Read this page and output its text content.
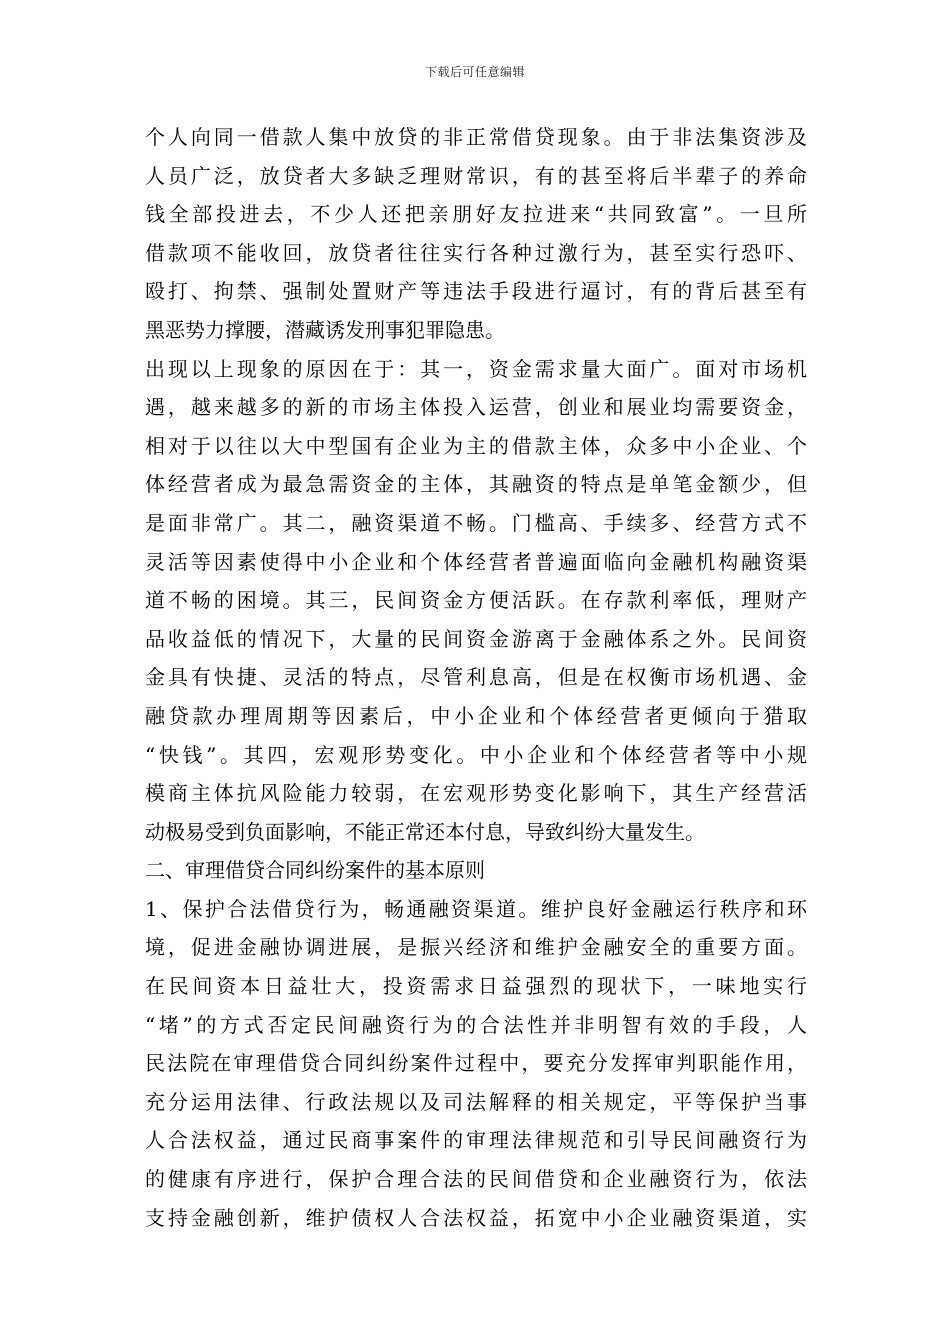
下载后可任意编辑
个人向同一借款人集中放贷的非正常借贷现象。由于非法集资涉及
人员广泛，放贷者大多缺乏理财常识，有的甚至将后半辈子的养命
钱全部投进去，不少人还把亲朋好友拉进来“共同致富”。一旦所
借款项不能收回，放贷者往往实行各种过激行为，甚至实行恐吓、
殴打、拘禁、强制处置财产等违法手段进行逼讨，有的背后甚至有
黑恶势力撑腰，潜藏诱发刑事犯罪隐患。
出现以上现象的原因在于：其一，资金需求量大面广。面对市场机
遇，越来越多的新的市场主体投入运营，创业和展业均需要资金，
相对于以往以大中型国有企业为主的借款主体，众多中小企业、个
体经营者成为最急需资金的主体，其融资的特点是单笔金额少，但
是面非常广。其二，融资渠道不畅。门槛高、手续多、经营方式不
灵活等因素使得中小企业和个体经营者普遍面临向金融机构融资渠
道不畅的困境。其三，民间资金方便活跃。在存款利率低，理财产
品收益低的情况下，大量的民间资金游离于金融体系之外。民间资
金具有快捷、灵活的特点，尽管利息高，但是在权衡市场机遇、金
融贷款办理周期等因素后，中小企业和个体经营者更倾向于猎取
“快钱”。其四，宏观形势变化。中小企业和个体经营者等中小规
模商主体抗风险能力较弱，在宏观形势变化影响下，其生产经营活
动极易受到负面影响，不能正常还本付息，导致纠纷大量发生。
二、审理借贷合同纠纷案件的基本原则
1、保护合法借贷行为，畅通融资渠道。维护良好金融运行秩序和环
境，促进金融协调进展，是振兴经济和维护金融安全的重要方面。
在民间资本日益壮大，投资需求日益强烈的现状下，一味地实行
“堵”的方式否定民间融资行为的合法性并非明智有效的手段，人
民法院在审理借贷合同纠纷案件过程中，要充分发挥审判职能作用，
充分运用法律、行政法规以及司法解释的相关规定，平等保护当事
人合法权益，通过民商事案件的审理法律规范和引导民间融资行为
的健康有序进行，保护合理合法的民间借贷和企业融资行为，依法
支持金融创新，维护债权人合法权益，拓宽中小企业融资渠道，实
